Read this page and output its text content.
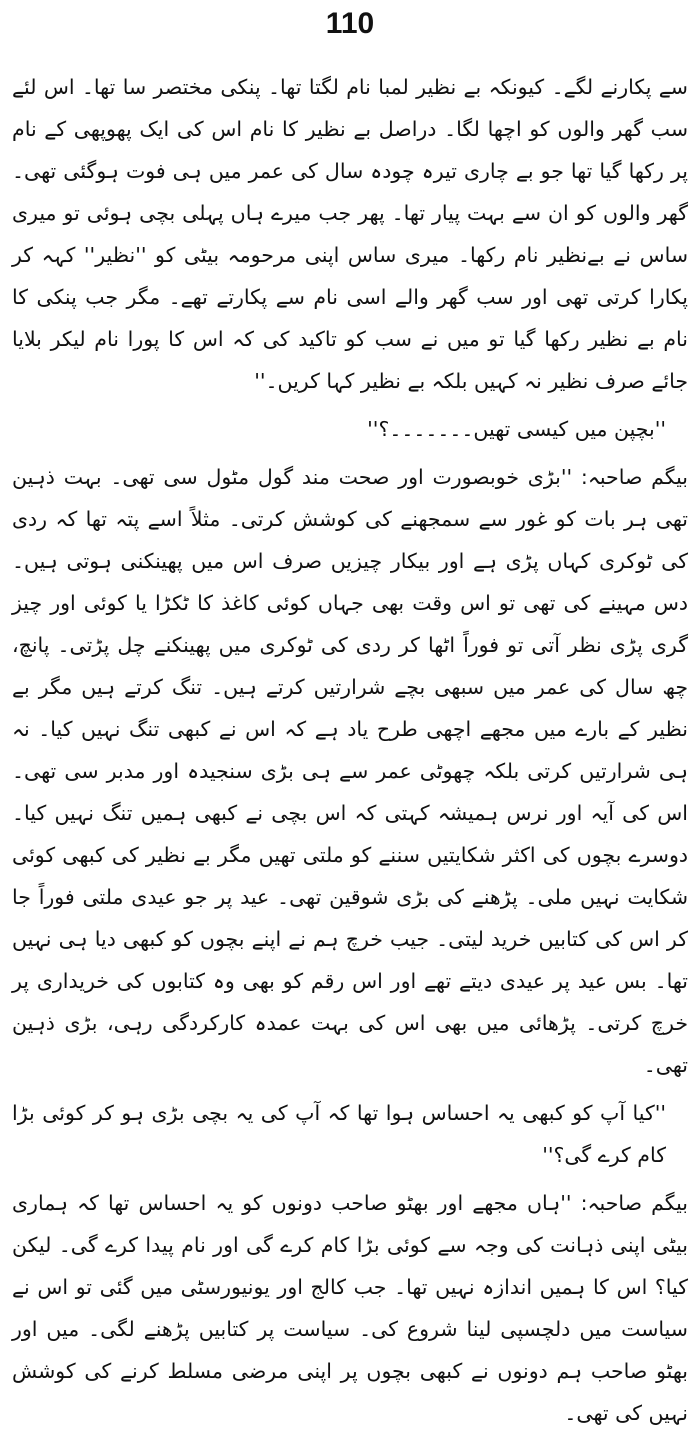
110

سے پکارنے لگے۔ کیونکہ بے نظیر لمبا نام لگتا تھا۔ پنکی مختصر سا تھا۔ اس لئے سب گھر والوں کو اچھا لگا۔ دراصل بے نظیر کا نام اس کی ایک پھوپھی کے نام پر رکھا گیا تھا جو بے چاری تیرہ چودہ سال کی عمر میں ہی فوت ہوگئی تھی۔ گھر والوں کو ان سے بہت پیار تھا۔ پھر جب میرے ہاں پہلی بچی ہوئی تو میری ساس نے بےنظیر نام رکھا۔ میری ساس اپنی مرحومہ بیٹی کو ''نظیر'' کہہ کر پکارا کرتی تھی اور سب گھر والے اسی نام سے پکارتے تھے۔ مگر جب پنکی کا نام بے نظیر رکھا گیا تو میں نے سب کو تاکید کی کہ اس کا پورا نام لیکر بلایا جائے صرف نظیر نہ کہیں بلکہ بے نظیر کہا کریں۔''

''بچپن میں کیسی تھیں۔۔۔۔۔۔۔؟''

بیگم صاحبہ: ''بڑی خوبصورت اور صحت مند گول مٹول سی تھی۔ بہت ذہین تھی ہر بات کو غور سے سمجھنے کی کوشش کرتی۔ مثلاً اسے پتہ تھا کہ ردی کی ٹوکری کہاں پڑی ہے اور بیکار چیزیں صرف اس میں پھینکنی ہوتی ہیں۔ دس مہینے کی تھی تو اس وقت بھی جہاں کوئی کاغذ کا ٹکڑا یا کوئی اور چیز گری پڑی نظر آتی تو فوراً اٹھا کر ردی کی ٹوکری میں پھینکنے چل پڑتی۔ پانچ، چھ سال کی عمر میں سبھی بچے شرارتیں کرتے ہیں۔ تنگ کرتے ہیں مگر بے نظیر کے بارے میں مجھے اچھی طرح یاد ہے کہ اس نے کبھی تنگ نہیں کیا۔ نہ ہی شرارتیں کرتی بلکہ چھوٹی عمر سے ہی بڑی سنجیدہ اور مدبر سی تھی۔ اس کی آیہ اور نرس ہمیشہ کہتی کہ اس بچی نے کبھی ہمیں تنگ نہیں کیا۔ دوسرے بچوں کی اکثر شکایتیں سننے کو ملتی تھیں مگر بے نظیر کی کبھی کوئی شکایت نہیں ملی۔ پڑھنے کی بڑی شوقین تھی۔ عید پر جو عیدی ملتی فوراً جا کر اس کی کتابیں خرید لیتی۔ جیب خرچ ہم نے اپنے بچوں کو کبھی دیا ہی نہیں تھا۔ بس عید پر عیدی دیتے تھے اور اس رقم کو بھی وہ کتابوں کی خریداری پر خرچ کرتی۔ پڑھائی میں بھی اس کی بہت عمدہ کارکردگی رہی، بڑی ذہین تھی۔

''کیا آپ کو کبھی یہ احساس ہوا تھا کہ آپ کی یہ بچی بڑی ہو کر کوئی بڑا کام کرے گی؟''

بیگم صاحبہ: ''ہاں مجھے اور بھٹو صاحب دونوں کو یہ احساس تھا کہ ہماری بیٹی اپنی ذہانت کی وجہ سے کوئی بڑا کام کرے گی اور نام پیدا کرے گی۔ لیکن کیا؟ اس کا ہمیں اندازہ نہیں تھا۔ جب کالج اور یونیورسٹی میں گئی تو اس نے سیاست میں دلچسپی لینا شروع کی۔ سیاست پر کتابیں پڑھنے لگی۔ میں اور بھٹو صاحب ہم دونوں نے کبھی بچوں پر اپنی مرضی مسلط کرنے کی کوشش نہیں کی تھی۔
